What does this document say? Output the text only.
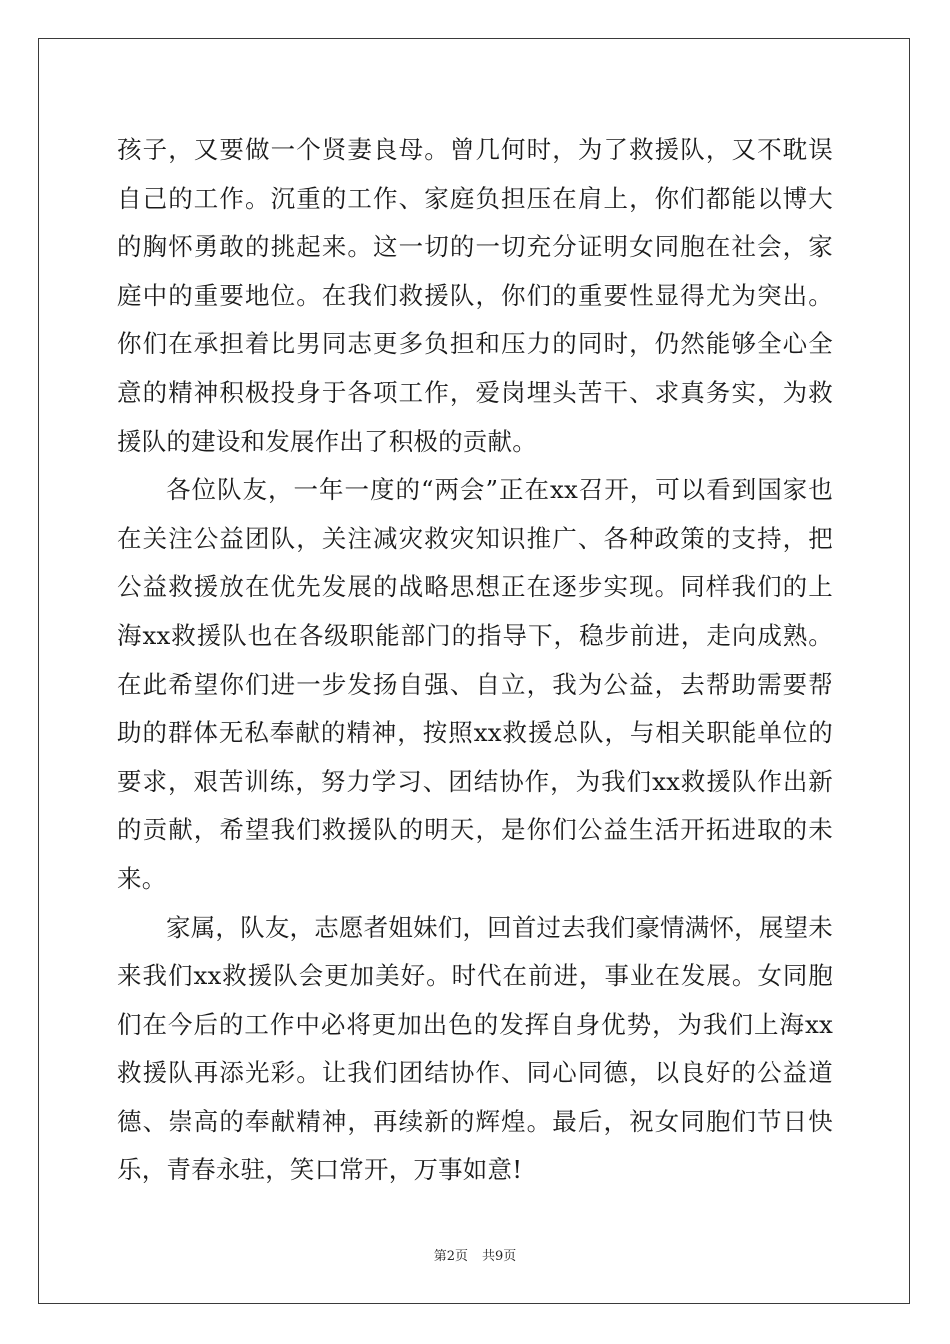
孩子，又要做一个贤妻良母。曾几何时，为了救援队，又不耽误自己的工作。沉重的工作、家庭负担压在肩上，你们都能以博大的胸怀勇敢的挑起来。这一切的一切充分证明女同胞在社会，家庭中的重要地位。在我们救援队，你们的重要性显得尤为突出。你们在承担着比男同志更多负担和压力的同时，仍然能够全心全意的精神积极投身于各项工作，爱岗埋头苦干、求真务实，为救援队的建设和发展作出了积极的贡献。

各位队友，一年一度的“两会”正在xx召开，可以看到国家也在关注公益团队，关注减灾救灾知识推广、各种政策的支持，把公益救援放在优先发展的战略思想正在逐步实现。同样我们的上海xx救援队也在各级职能部门的指导下，稳步前进，走向成熟。在此希望你们进一步发扬自强、自立，我为公益，去帮助需要帮助的群体无私奉献的精神，按照xx救援总队，与相关职能单位的要求，艰苦训练，努力学习、团结协作，为我们xx救援队作出新的贡献，希望我们救援队的明天，是你们公益生活开拓进取的未来。

家属，队友，志愿者姐妹们，回首过去我们豪情满怀，展望未来我们xx救援队会更加美好。时代在前进，事业在发展。女同胞们在今后的工作中必将更加出色的发挥自身优势，为我们上海xx救援队再添光彩。让我们团结协作、同心同德，以良好的公益道德、崇高的奉献精神，再续新的辉煌。最后，祝女同胞们节日快乐，青春永驻，笑口常开，万事如意!

第2页 共9页
